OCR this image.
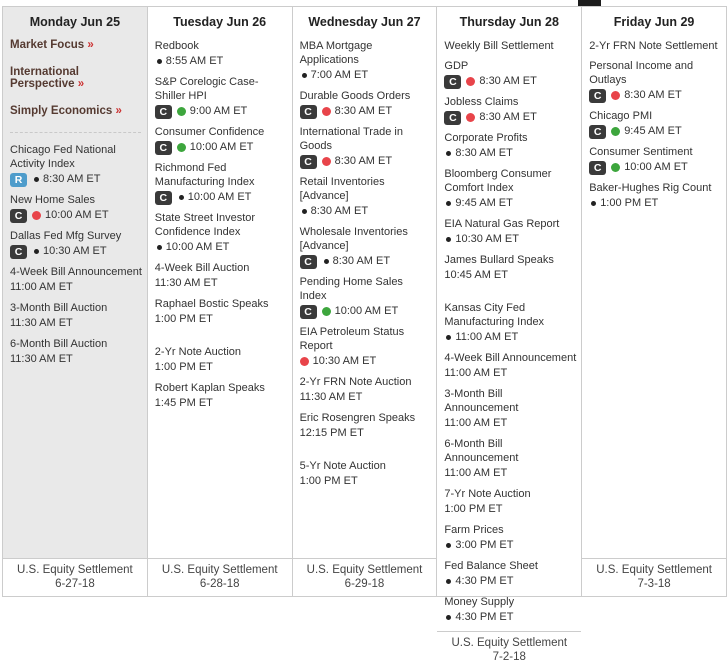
Monday Jun 25
Market Focus »
International Perspective »
Simply Economics »
Chicago Fed National Activity Index
R	8:30 AM ET
New Home Sales
C	10:00 AM ET
Dallas Fed Mfg Survey
C	10:30 AM ET
4-Week Bill Announcement
11:00 AM ET
3-Month Bill Auction
11:30 AM ET
6-Month Bill Auction
11:30 AM ET
U.S. Equity Settlement
6-27-18
Tuesday Jun 26
Redbook
8:55 AM ET
S&P Corelogic Case-Shiller HPI
C	9:00 AM ET
Consumer Confidence
C	10:00 AM ET
Richmond Fed Manufacturing Index
C	10:00 AM ET
State Street Investor Confidence Index
10:00 AM ET
4-Week Bill Auction
11:30 AM ET
Raphael Bostic Speaks
1:00 PM ET
2-Yr Note Auction
1:00 PM ET
Robert Kaplan Speaks
1:45 PM ET
U.S. Equity Settlement
6-28-18
Wednesday Jun 27
MBA Mortgage Applications
7:00 AM ET
Durable Goods Orders
C	8:30 AM ET
International Trade in Goods
C	8:30 AM ET
Retail Inventories [Advance]
8:30 AM ET
Wholesale Inventories [Advance]
C	8:30 AM ET
Pending Home Sales Index
C	10:00 AM ET
EIA Petroleum Status Report
10:30 AM ET
2-Yr FRN Note Auction
11:30 AM ET
Eric Rosengren Speaks
12:15 PM ET
5-Yr Note Auction
1:00 PM ET
U.S. Equity Settlement
6-29-18
Thursday Jun 28
Weekly Bill Settlement
GDP
C	8:30 AM ET
Jobless Claims
C	8:30 AM ET
Corporate Profits
8:30 AM ET
Bloomberg Consumer Comfort Index
9:45 AM ET
EIA Natural Gas Report
10:30 AM ET
James Bullard Speaks
10:45 AM ET
Kansas City Fed Manufacturing Index
11:00 AM ET
4-Week Bill Announcement
11:00 AM ET
3-Month Bill Announcement
11:00 AM ET
6-Month Bill Announcement
11:00 AM ET
7-Yr Note Auction
1:00 PM ET
Farm Prices
3:00 PM ET
Fed Balance Sheet
4:30 PM ET
Money Supply
4:30 PM ET
U.S. Equity Settlement
7-2-18
Friday Jun 29
2-Yr FRN Note Settlement
Personal Income and Outlays
C	8:30 AM ET
Chicago PMI
C	9:45 AM ET
Consumer Sentiment
C	10:00 AM ET
Baker-Hughes Rig Count
1:00 PM ET
U.S. Equity Settlement
7-3-18
